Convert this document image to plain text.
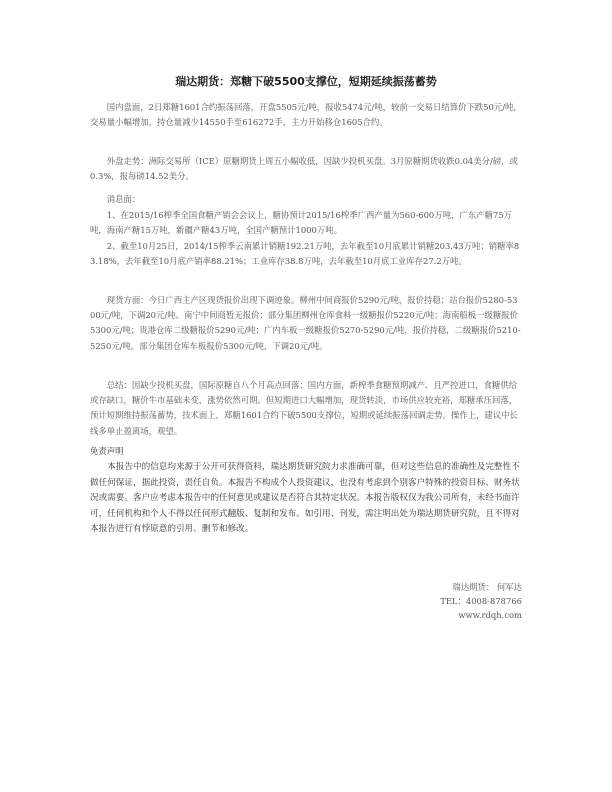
瑞达期货：郑糖下破5500支撑位，短期延续振荡蓄势

国内盘面，2日郑糖1601合约振荡回落，开盘5505元/吨，报收5474元/吨，较前一交易日结算价下跌50元/吨，交易量小幅增加，持仓量减少14550手至616272手，主力开始移仓1605合约。

外盘走势：洲际交易所（ICE）原糖期货上周五小幅收低，因缺少投机买盘。3月原糖期货收跌0.04美分/磅，或0.3%，报每磅14.52美分。

消息面：

1、在2015/16榨季全国食糖产销会会议上，糖协预计2015/16榨季广西产量为560-600万吨，广东产糖75万吨，海南产糖15万吨，新疆产糖43万吨，全国产糖预计1000万吨。

2、截至10月25日，2014/15榨季云南累计销糖192.21万吨，去年截至10月底累计销糖203.43万吨；销糖率83.18%，去年截至10月底产销率88.21%；工业库存38.8万吨，去年截至10月底工业库存27.2万吨。

现货方面：今日广西主产区现货报价出现下调迹象。柳州中间商报价5290元/吨，报价持稳；站台报价5280-5300元/吨，下调20元/吨。南宁中间商暂无报价；部分集团柳州仓库食料一级糖报价5220元/吨；海南船板一级糖报价5300元/吨；贵港仓库二级糖报价5290元/吨；广内车板一级糖报价5270-5290元/吨，报价持稳，二级糖报价5210-5250元/吨。部分集团仓库车板报价5300元/吨，下调20元/吨。

总结：因缺少投机买盘，国际原糖自八个月高点回落；国内方面，新榨季食糖预期减产、且严控进口，食糖供给或存缺口，糖价牛市基础未变，涨势依然可期。但短期进口大幅增加，现货转淡，市场供应较充裕，郑糖承压回落，预计短期维持振荡蓄势，技术面上，郑糖1601合约下破5500支撑位，短期或延续振荡回调走势。操作上，建议中长线多单止盈离场，观望。

免责声明

本报告中的信息均来源于公开可获得资料，瑞达期货研究院力求准确可靠，但对这些信息的准确性及完整性不做任何保证，据此投资，责任自负。本报告不构成个人投资建议，也没有考虑到个别客户特殊的投资目标、财务状况或需要。客户应考虑本报告中的任何意见或建议是否符合其特定状况。本报告版权仅为我公司所有，未经书面许可，任何机构和个人不得以任何形式翻版、复制和发布。如引用、刊发，需注明出处为瑞达期货研究院，且不得对本报告进行有悖原意的引用、删节和修改。

瑞达期货： 何军达
TEL：4008-878766
www.rdqh.com
